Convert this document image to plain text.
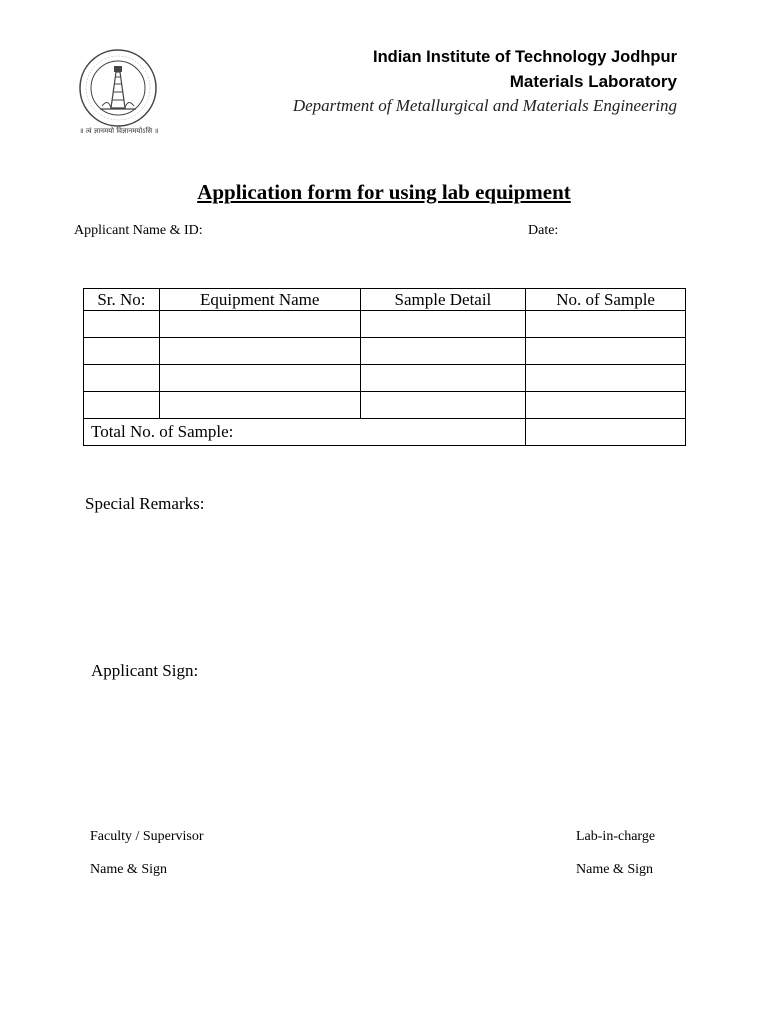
॥ त्वं ज्ञानमयो विज्ञानमयोऽसि ॥
Indian Institute of Technology Jodhpur
Materials Laboratory
Department of Metallurgical and Materials Engineering
Application form for using lab equipment
Applicant Name & ID:	Date:
Sr. No:	Equipment Name	Sample Detail	No. of Sample

Total No. of Sample:			
Special Remarks:
Applicant Sign:
Faculty / Supervisor
Name & Sign
Lab-in-charge
Name & Sign
